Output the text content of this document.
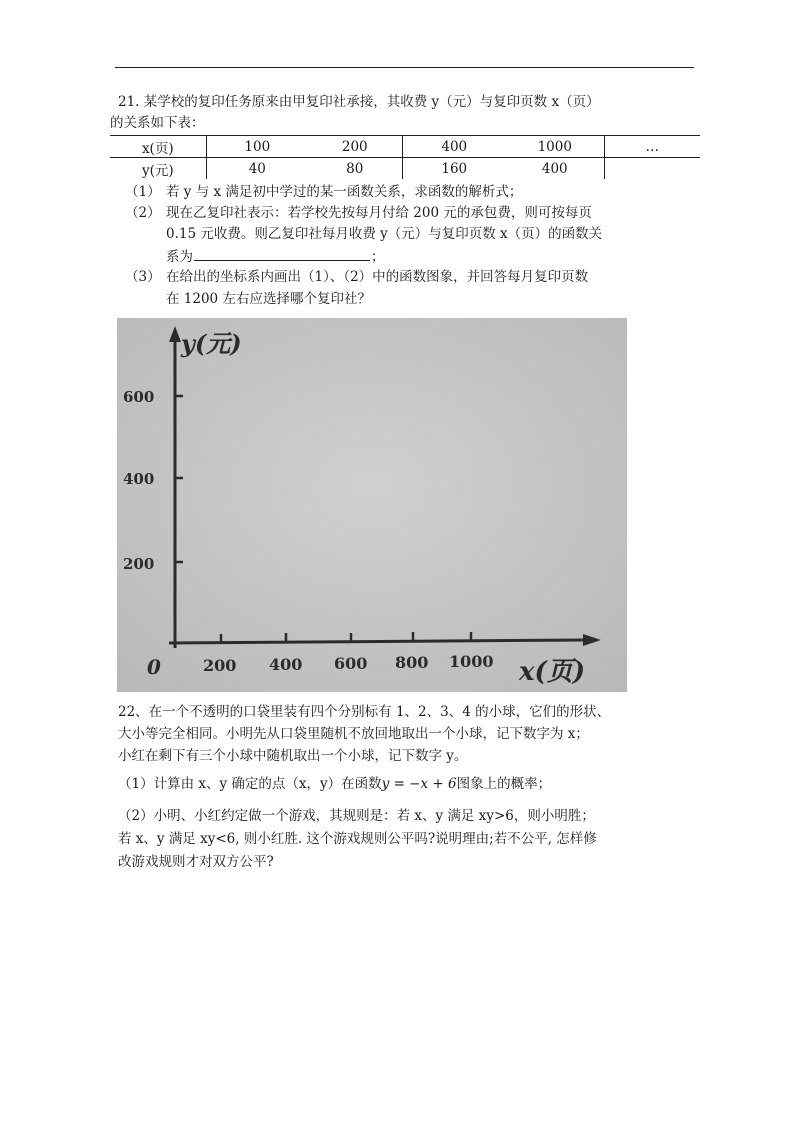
21. 某学校的复印任务原来由甲复印社承接，其收费 y（元）与复印页数 x（页）
的关系如下表：
x(页)	100	200	400	1000	…
y(元)	40	80	160	400	
（1） 若 y 与 x 满足初中学过的某一函数关系，求函数的解析式；
（2） 现在乙复印社表示：若学校先按每月付给 200 元的承包费，则可按每页
0.15 元收费。则乙复印社每月收费 y（元）与复印页数 x（页）的函数关
系为	；
（3） 在给出的坐标系内画出（1）、（2）中的函数图象，并回答每月复印页数
在 1200 左右应选择哪个复印社？
y(元)
x(页)
0
600
400
200
200 400 600 800 1000
22、在一个不透明的口袋里装有四个分别标有 1、2、3、4 的小球，它们的形状、
大小等完全相同。小明先从口袋里随机不放回地取出一个小球，记下数字为 x；
小红在剩下有三个小球中随机取出一个小球，记下数字 y。
（1）计算由 x、y 确定的点（x，y）在函数y = −x + 6图象上的概率；
（2）小明、小红约定做一个游戏，其规则是：若 x、y 满足 xy>6，则小明胜；
若 x、y 满足 xy<6, 则小红胜. 这个游戏规则公平吗?说明理由;若不公平, 怎样修
改游戏规则才对双方公平?
